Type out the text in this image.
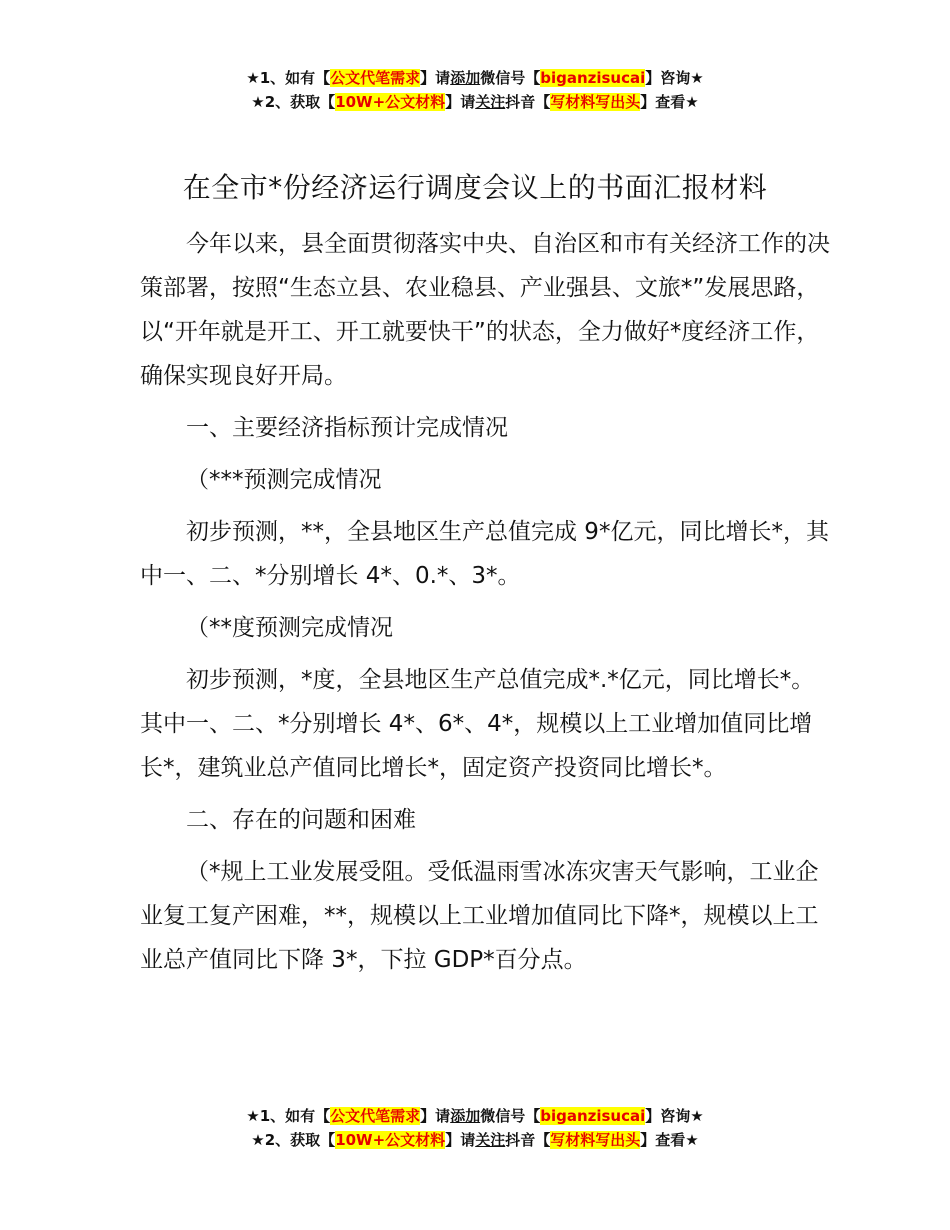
★1、如有【公文代笔需求】请添加微信号【biganzisucai】咨询★
★2、获取【10W+公文材料】请关注抖音【写材料写出头】查看★
在全市*份经济运行调度会议上的书面汇报材料

今年以来，县全面贯彻落实中央、自治区和市有关经济工作的决策部署，按照“生态立县、农业稳县、产业强县、文旅*”发展思路，以“开年就是开工、开工就要快干”的状态，全力做好*度经济工作，确保实现良好开局。

一、主要经济指标预计完成情况

（***预测完成情况

初步预测，**，全县地区生产总值完成 9*亿元，同比增长*，其中一、二、*分别增长 4*、0.*、3*。

（**度预测完成情况

初步预测，*度，全县地区生产总值完成*.*亿元，同比增长*。其中一、二、*分别增长 4*、6*、4*，规模以上工业增加值同比增长*，建筑业总产值同比增长*，固定资产投资同比增长*。

二、存在的问题和困难

（*规上工业发展受阻。受低温雨雪冰冻灾害天气影响，工业企业复工复产困难，**，规模以上工业增加值同比下降*，规模以上工业总产值同比下降 3*，下拉 GDP*百分点。

★1、如有【公文代笔需求】请添加微信号【biganzisucai】咨询★
★2、获取【10W+公文材料】请关注抖音【写材料写出头】查看★
